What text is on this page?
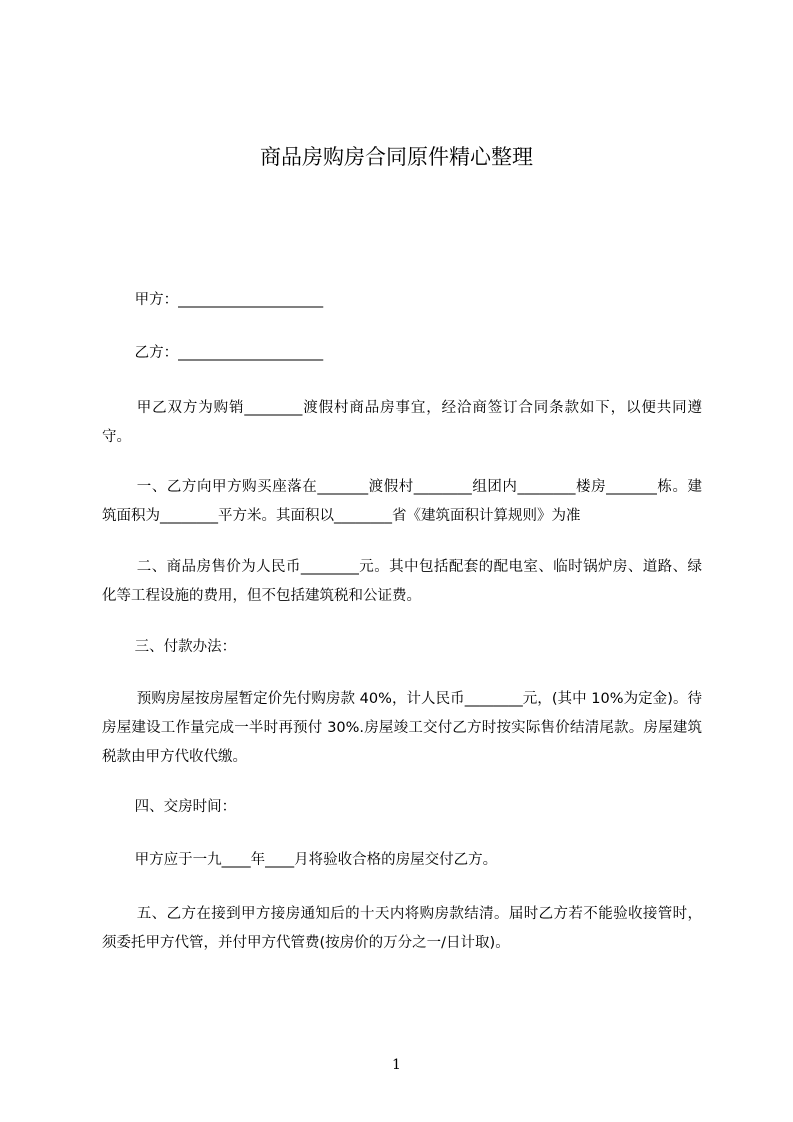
商品房购房合同原件精心整理

甲方：____________________

乙方：____________________

甲乙双方为购销________渡假村商品房事宜，经洽商签订合同条款如下，以便共同遵守。

一、乙方向甲方购买座落在_______渡假村________组团内________楼房_______栋。建筑面积为________平方米。其面积以________省《建筑面积计算规则》为准

二、商品房售价为人民币________元。其中包括配套的配电室、临时锅炉房、道路、绿化等工程设施的费用，但不包括建筑税和公证费。

三、付款办法：

预购房屋按房屋暂定价先付购房款 40%，计人民币________元，(其中 10%为定金)。待房屋建设工作量完成一半时再预付 30%.房屋竣工交付乙方时按实际售价结清尾款。房屋建筑税款由甲方代收代缴。

四、交房时间：

甲方应于一九____年____月将验收合格的房屋交付乙方。

五、乙方在接到甲方接房通知后的十天内将购房款结清。届时乙方若不能验收接管时，须委托甲方代管，并付甲方代管费(按房价的万分之一/日计取)。

1
